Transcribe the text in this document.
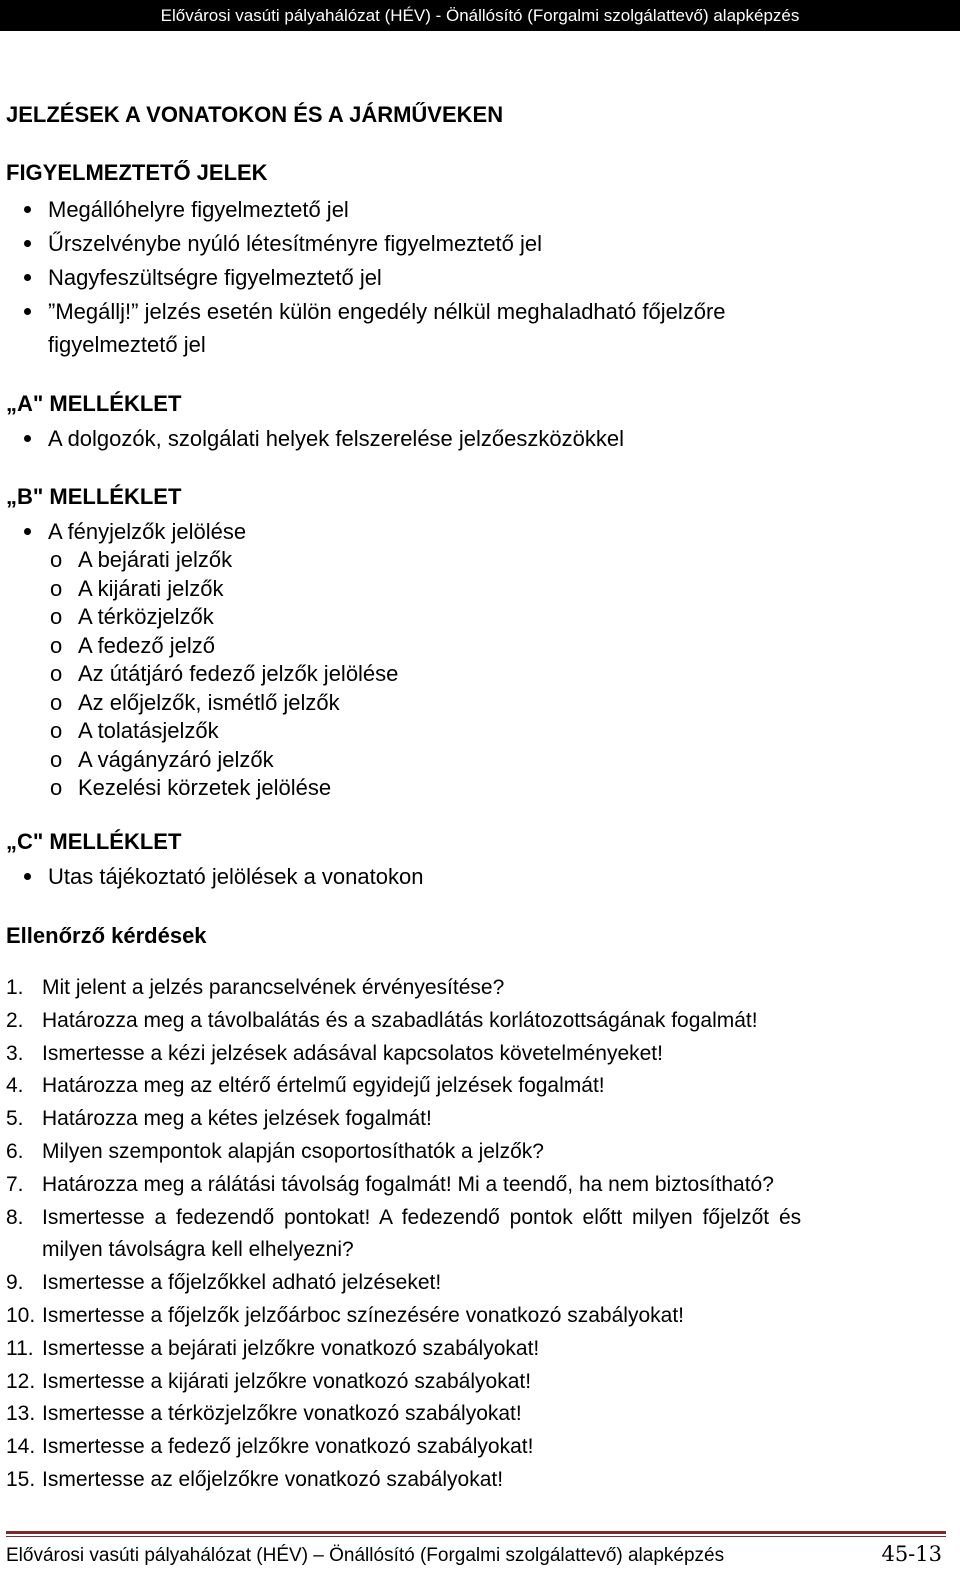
Elővárosi vasúti pályahálózat (HÉV) - Önállósító (Forgalmi szolgálattevő) alapképzés
JELZÉSEK A VONATOKON ÉS A JÁRMŰVEKEN
FIGYELMEZTETŐ JELEK
Megállóhelyre figyelmeztető jel
Űrszelvénybe nyúló létesítményre figyelmeztető jel
Nagyfeszültségre figyelmeztető jel
”Megállj!” jelzés esetén külön engedély nélkül meghaladható főjelzőre
figyelmeztető jel
„A" MELLÉKLET
A dolgozók, szolgálati helyek felszerelése jelzőeszközökkel
„B" MELLÉKLET
A fényjelzők jelölése
o A bejárati jelzők
o A kijárati jelzők
o A térközjelzők
o A fedező jelző
o Az útátjáró fedező jelzők jelölése
o Az előjelzők, ismétlő jelzők
o A tolatásjelzők
o A vágányzáró jelzők
o Kezelési körzetek jelölése
„C" MELLÉKLET
Utas tájékoztató jelölések a vonatokon
Ellenőrző kérdések
1. Mit jelent a jelzés parancselvének érvényesítése?
2. Határozza meg a távolbalátás és a szabadlátás korlátozottságának fogalmát!
3. Ismertesse a kézi jelzések adásával kapcsolatos követelményeket!
4. Határozza meg az eltérő értelmű egyidejű jelzések fogalmát!
5. Határozza meg a kétes jelzések fogalmát!
6. Milyen szempontok alapján csoportosíthatók a jelzők?
7. Határozza meg a rálátási távolság fogalmát! Mi a teendő, ha nem biztosítható?
8. Ismertesse a fedezendő pontokat! A fedezendő pontok előtt milyen főjelzőt és
milyen távolságra kell elhelyezni?
9. Ismertesse a főjelzőkkel adható jelzéseket!
10. Ismertesse a főjelzők jelzőárboc színezésére vonatkozó szabályokat!
11. Ismertesse a bejárati jelzőkre vonatkozó szabályokat!
12. Ismertesse a kijárati jelzőkre vonatkozó szabályokat!
13. Ismertesse a térközjelzőkre vonatkozó szabályokat!
14. Ismertesse a fedező jelzőkre vonatkozó szabályokat!
15. Ismertesse az előjelzőkre vonatkozó szabályokat!
Elővárosi vasúti pályahálózat (HÉV) – Önállósító (Forgalmi szolgálattevő) alapképzés	45-13
